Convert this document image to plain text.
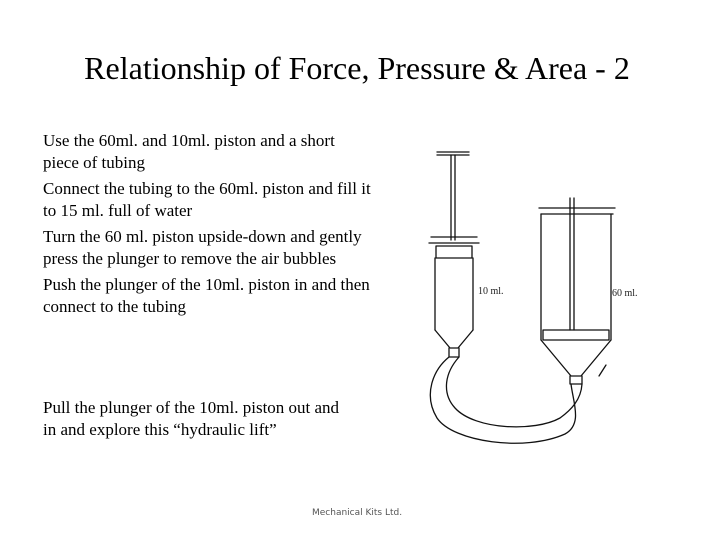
Relationship of Force, Pressure & Area - 2
Use the 60ml. and 10ml. piston and a short piece of tubing
Connect the tubing to the 60ml. piston and fill it to 15 ml. full of water
Turn the 60 ml. piston upside-down and gently press the plunger to remove the air bubbles
Push the plunger of the 10ml. piston in and then connect to the tubing
Pull the plunger of the 10ml. piston out and in and explore this “hydraulic lift”
10 ml.	60 ml.
Mechanical Kits Ltd.
